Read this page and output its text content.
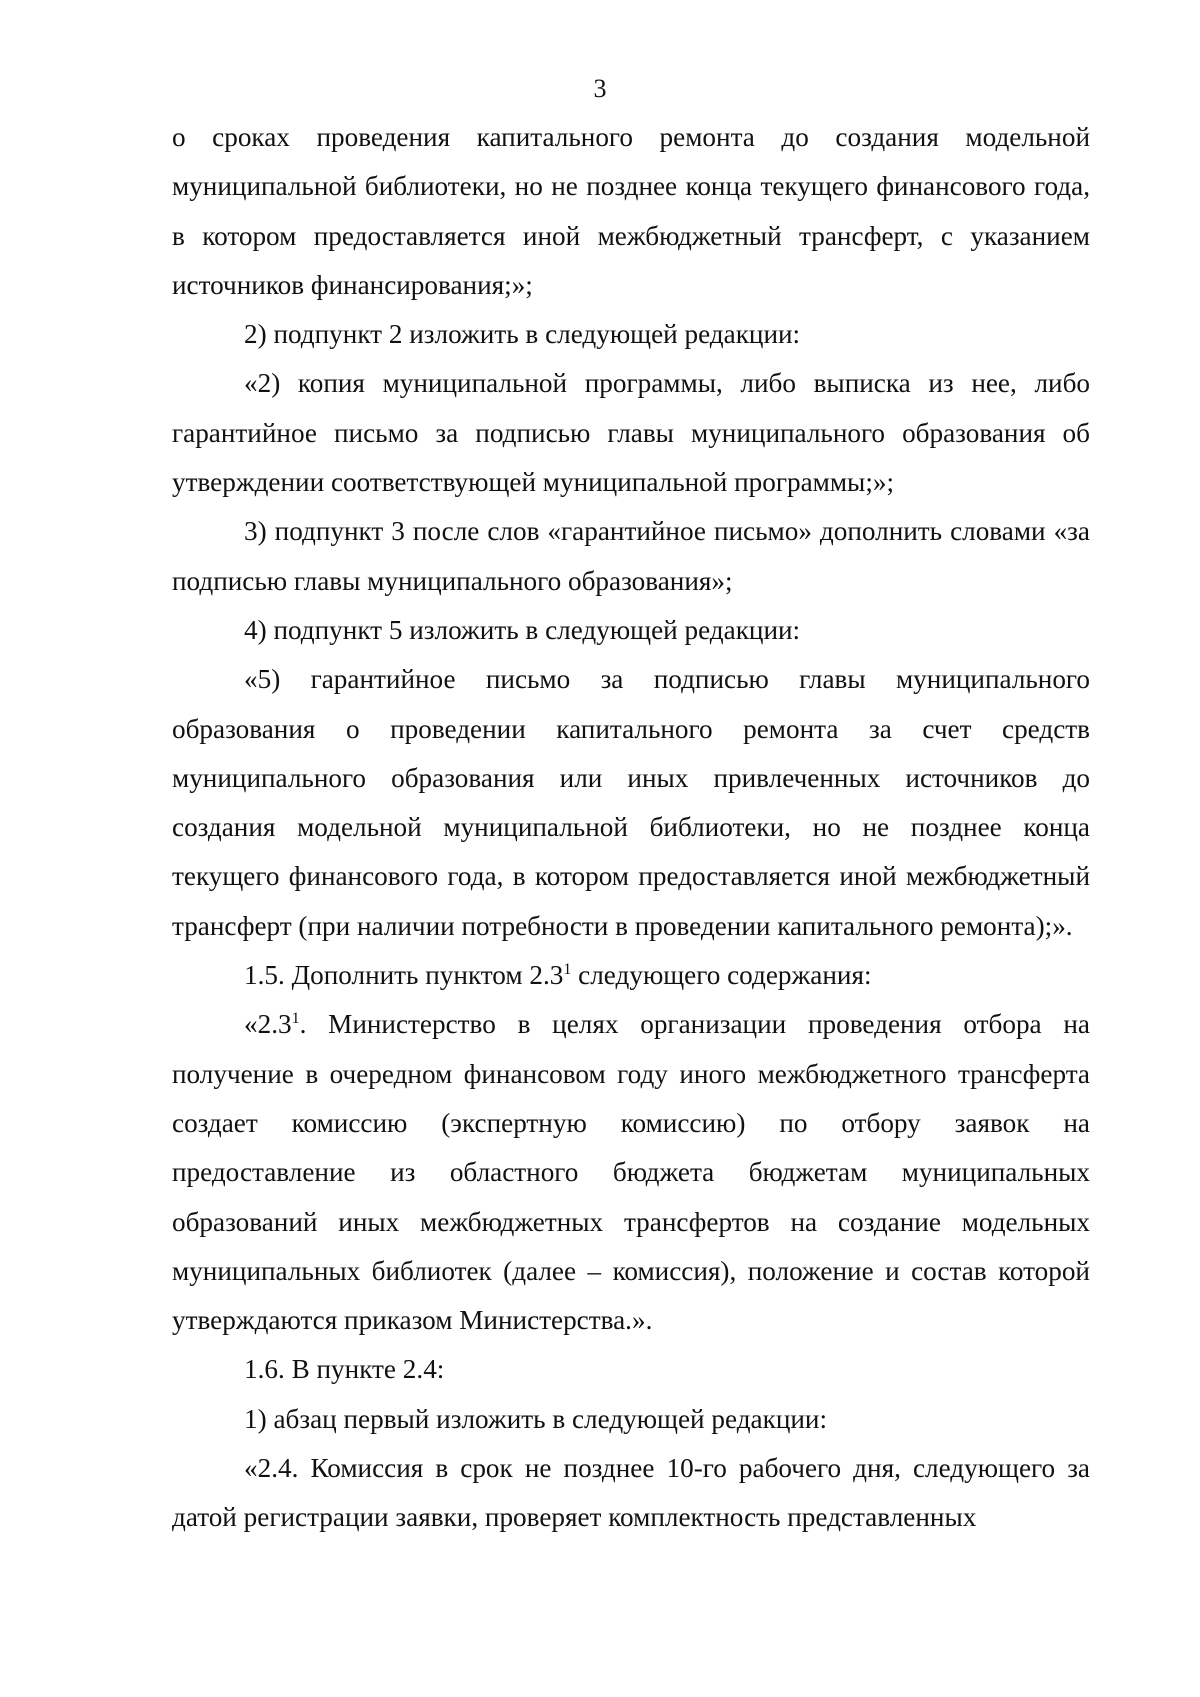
3

о сроках проведения капитального ремонта до создания модельной муниципальной библиотеки, но не позднее конца текущего финансового года, в котором предоставляется иной межбюджетный трансферт, с указанием источников финансирования;»;

2) подпункт 2 изложить в следующей редакции:

«2) копия муниципальной программы, либо выписка из нее, либо гарантийное письмо за подписью главы муниципального образования об утверждении соответствующей муниципальной программы;»;

3) подпункт 3 после слов «гарантийное письмо» дополнить словами «за подписью главы муниципального образования»;

4) подпункт 5 изложить в следующей редакции:

«5) гарантийное письмо за подписью главы муниципального образования о проведении капитального ремонта за счет средств муниципального образования или иных привлеченных источников до создания модельной муниципальной библиотеки, но не позднее конца текущего финансового года, в котором предоставляется иной межбюджетный трансферт (при наличии потребности в проведении капитального ремонта);».

1.5. Дополнить пунктом 2.3$^1$ следующего содержания:

«2.3$^1$. Министерство в целях организации проведения отбора на получение в очередном финансовом году иного межбюджетного трансферта создает комиссию (экспертную комиссию) по отбору заявок на предоставление из областного бюджета бюджетам муниципальных образований иных межбюджетных трансфертов на создание модельных муниципальных библиотек (далее – комиссия), положение и состав которой утверждаются приказом Министерства.».

1.6. В пункте 2.4:

1) абзац первый изложить в следующей редакции:

«2.4. Комиссия в срок не позднее 10-го рабочего дня, следующего за датой регистрации заявки, проверяет комплектность представленных
